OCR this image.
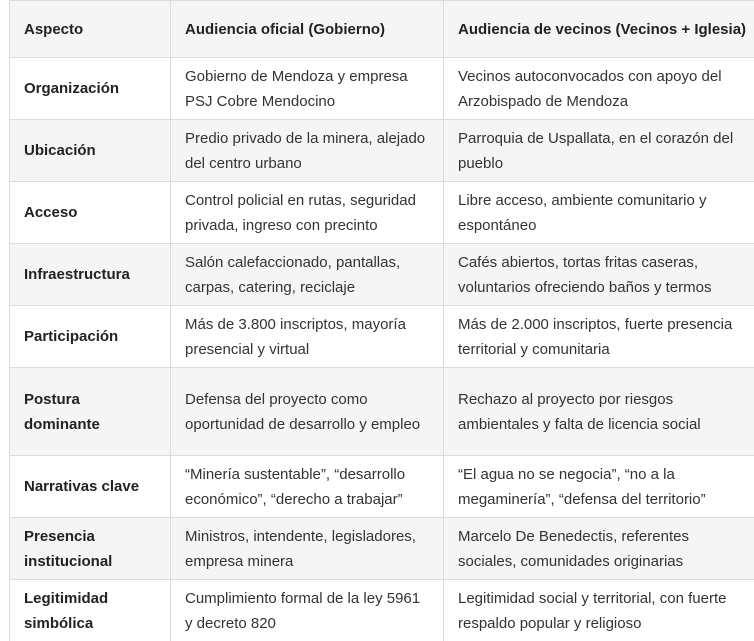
Aspecto	Audiencia oficial (Gobierno)	Audiencia de vecinos (Vecinos + Iglesia)
Organización	Gobierno de Mendoza y empresa PSJ Cobre Mendocino	Vecinos autoconvocados con apoyo del Arzobispado de Mendoza
Ubicación	Predio privado de la minera, alejado del centro urbano	Parroquia de Uspallata, en el corazón del pueblo
Acceso	Control policial en rutas, seguridad privada, ingreso con precinto	Libre acceso, ambiente comunitario y espontáneo
Infraestructura	Salón calefaccionado, pantallas, carpas, catering, reciclaje	Cafés abiertos, tortas fritas caseras, voluntarios ofreciendo baños y termos
Participación	Más de 3.800 inscriptos, mayoría presencial y virtual	Más de 2.000 inscriptos, fuerte presencia territorial y comunitaria
Postura dominante	Defensa del proyecto como oportunidad de desarrollo y empleo	Rechazo al proyecto por riesgos ambientales y falta de licencia social
Narrativas clave	“Minería sustentable”, “desarrollo económico”, “derecho a trabajar”	“El agua no se negocia”, “no a la megaminería”, “defensa del territorio”
Presencia institucional	Ministros, intendente, legisladores, empresa minera	Marcelo De Benedectis, referentes sociales, comunidades originarias
Legitimidad simbólica	Cumplimiento formal de la ley 5961 y decreto 820	Legitimidad social y territorial, con fuerte respaldo popular y religioso
